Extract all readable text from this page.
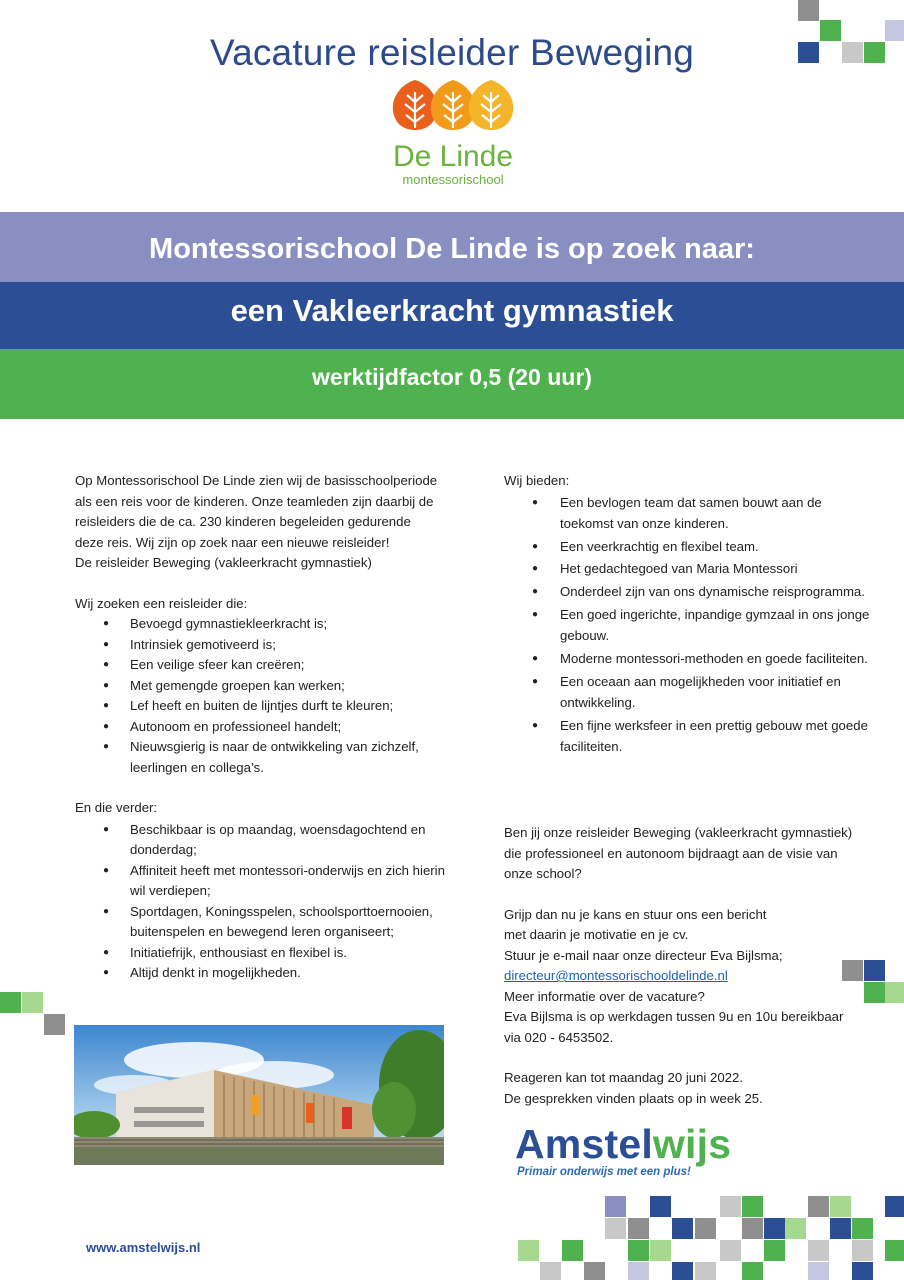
Vacature reisleider Beweging
De Linde
montessorischool
Montessorischool De Linde is op zoek naar:
een Vakleerkracht gymnastiek
werktijdfactor 0,5 (20 uur)

Op Montessorischool De Linde zien wij de basisschoolperiode

als een reis voor de kinderen. Onze teamleden zijn daarbij de

reisleiders die de ca. 230 kinderen begeleiden gedurende

deze reis. Wij zijn op zoek naar een nieuwe reisleider!

De reisleider Beweging (vakleerkracht gymnastiek)

Wij zoeken een reisleider die:

● Bevoegd gymnastiekleerkracht is;
● Intrinsiek gemotiveerd is;
● Een veilige sfeer kan creëren;
● Met gemengde groepen kan werken;
● Lef heeft en buiten de lijntjes durft te kleuren;
● Autonoom en professioneel handelt;
● Nieuwsgierig is naar de ontwikkeling van zichzelf, leerlingen en collega’s.

En die verder:

● Beschikbaar is op maandag, woensdagochtend en donderdag;
● Affiniteit heeft met montessori-onderwijs en zich hierin wil verdiepen;
● Sportdagen, Koningsspelen, schoolsporttoernooien, buitenspelen en bewegend leren organiseert;
● Initiatiefrijk, enthousiast en flexibel is.
● Altijd denkt in mogelijkheden.

Wij bieden:

● Een bevlogen team dat samen bouwt aan de toekomst van onze kinderen.
● Een veerkrachtig en flexibel team.
● Het gedachtegoed van Maria Montessori
● Onderdeel zijn van ons dynamische reisprogramma.
● Een goed ingerichte, inpandige gymzaal in ons jonge gebouw.
● Moderne montessori-methoden en goede faciliteiten.
● Een oceaan aan mogelijkheden voor initiatief en ontwikkeling.
● Een fijne werksfeer in een prettig gebouw met goede faciliteiten.

Ben jij onze reisleider Beweging (vakleerkracht gymnastiek)

die professioneel en autonoom bijdraagt aan de visie van

onze school?

Grijp dan nu je kans en stuur ons een bericht

met daarin je motivatie en je cv.

Stuur je e-mail naar onze directeur Eva Bijlsma;

directeur@montessorischooldelinde.nl

Meer informatie over de vacature?

Eva Bijlsma is op werkdagen tussen 9u en 10u bereikbaar

via 020 - 6453502.

Reageren kan tot maandag 20 juni 2022.

De gesprekken vinden plaats op in week 25.

Amstelwijs
Primair onderwijs met een plus!
www.amstelwijs.nl
